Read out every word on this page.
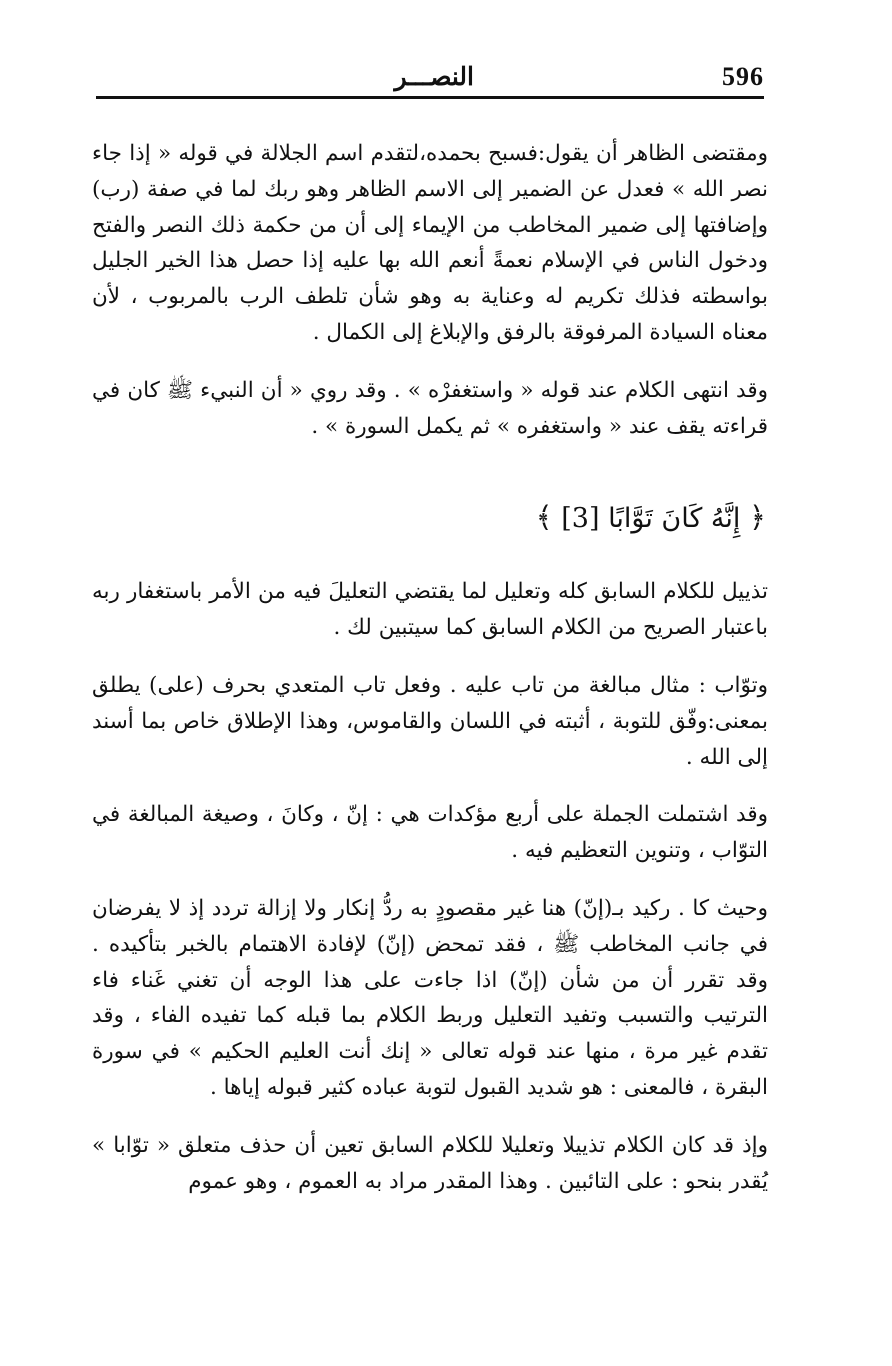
596
النصـــر

ومقتضى الظاهر أن يقول:فسبح بحمده،لتقدم اسم الجلالة في قوله « إذا جاء نصر الله » فعدل عن الضمير إلى الاسم الظاهر وهو ربك لما في صفة (رب) وإضافتها إلى ضمير المخاطب من الإيماء إلى أن من حكمة ذلك النصر والفتح ودخول الناس في الإسلام نعمةً أنعم الله بها عليه إذا حصل هذا الخير الجليل بواسطته فذلك تكريم له وعناية به وهو شأن تلطف الرب بالمربوب ، لأن معناه السيادة المرفوقة بالرفق والإبلاغ إلى الكمال .

وقد انتهى الكلام عند قوله « واستغفرْه » . وقد روي « أن النبيء ﷺ كان في قراءته يقف عند « واستغفره » ثم يكمل السورة » .

﴿ إِنَّهُ كَانَ تَوَّابًا [3] ﴾

تذييل للكلام السابق كله وتعليل لما يقتضي التعليلَ فيه من الأمر باستغفار ربه باعتبار الصريح من الكلام السابق كما سيتبين لك .

وتوّاب : مثال مبالغة من تاب عليه . وفعل تاب المتعدي بحرف (على) يطلق بمعنى:وفّق للتوبة ، أثبته في اللسان والقاموس، وهذا الإطلاق خاص بما أسند إلى الله .

وقد اشتملت الجملة على أربع مؤكدات هي : إنّ ، وكانَ ، وصيغة المبالغة في التوّاب ، وتنوين التعظيم فيه .

وحيث كا . ركيد بـ(إنّ) هنا غير مقصودٍ به ردُّ إنكار ولا إزالة تردد إذ لا يفرضان في جانب المخاطب ﷺ ، فقد تمحض (إنّ) لإفادة الاهتمام بالخبر بتأكيده . وقد تقرر أن من شأن (إنّ) اذا جاءت على هذا الوجه أن تغني غَناء فاء الترتيب والتسبب وتفيد التعليل وربط الكلام بما قبله كما تفيده الفاء ، وقد تقدم غير مرة ، منها عند قوله تعالى « إنك أنت العليم الحكيم » في سورة البقرة ، فالمعنى : هو شديد القبول لتوبة عباده كثير قبوله إياها .

وإذ قد كان الكلام تذييلا وتعليلا للكلام السابق تعين أن حذف متعلق « توّابا » يُقدر بنحو : على التائبين . وهذا المقدر مراد به العموم ، وهو عموم
